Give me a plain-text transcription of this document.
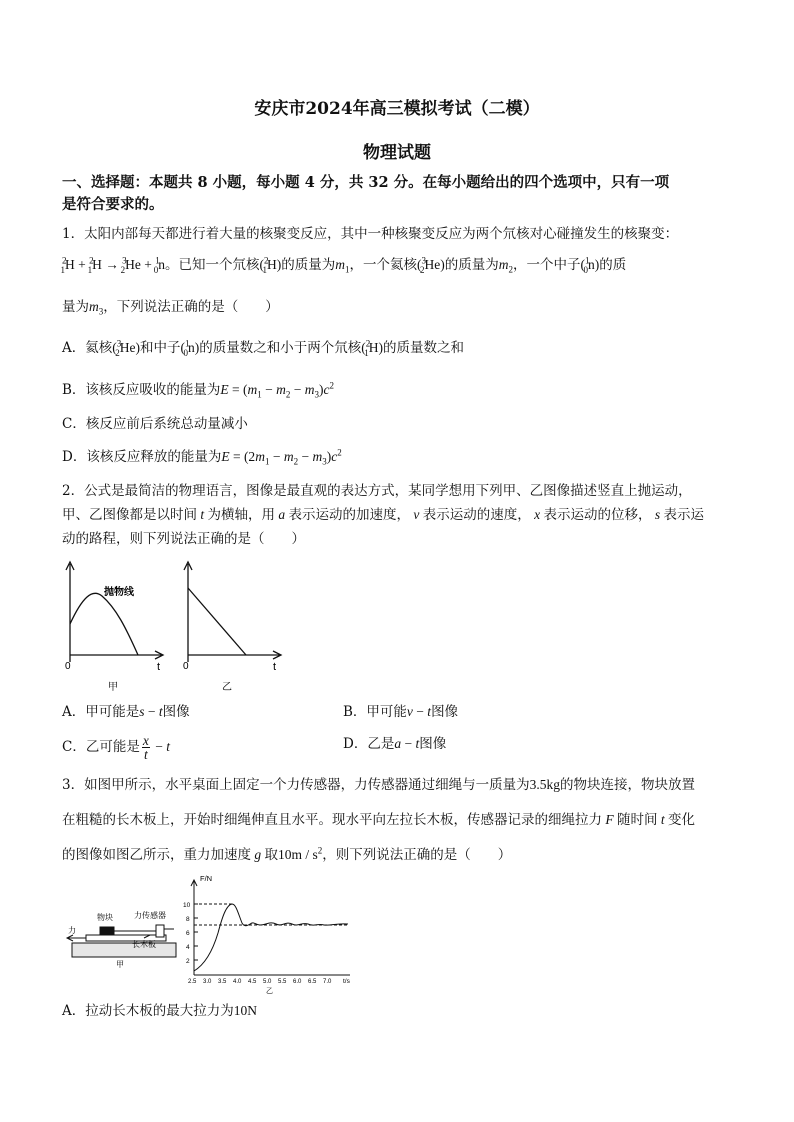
安庆市2024年高三模拟考试（二模）
物理试题
一、选择题：本题共 8 小题，每小题 4 分，共 32 分。在每小题给出的四个选项中，只有一项
是符合要求的。
1．太阳内部每天都进行着大量的核聚变反应，其中一种核聚变反应为两个氘核对心碰撞发生的核聚变：
$^2_1$H + $^2_1$H → $^3_2$He + $^1_0$n。已知一个氘核($^2_1$H)的质量为$m_1$，一个氦核($^3_2$He)的质量为$m_2$，一个中子($^1_0$n)的质
量为$m_3$，下列说法正确的是（　　）
A．氦核($^3_2$He)和中子($^1_0$n)的质量数之和小于两个氘核($^2_1$H)的质量数之和
B．该核反应吸收的能量为$E = (m_1 - m_2 - m_3)c^2$
C．核反应前后系统总动量减小
D．该核反应释放的能量为$E = (2m_1 - m_2 - m_3)c^2$
2．公式是最简洁的物理语言，图像是最直观的表达方式，某同学想用下列甲、乙图像描述竖直上抛运动，
甲、乙图像都是以时间 t 为横轴，用 a 表示运动的加速度， v 表示运动的速度， x 表示运动的位移， s 表示运
动的路程，则下列说法正确的是（　　）
抛物线
0	t
甲
0	t
乙
A．甲可能是s − t图像	B．甲可能v − t图像
C．乙可能是 $\frac{x}{t} - t$	D．乙是a − t图像
3．如图甲所示，水平桌面上固定一个力传感器，力传感器通过细绳与一质量为3.5kg的物块连接，物块放置
在粗糙的长木板上，开始时细绳伸直且水平。现水平向左拉长木板，传感器记录的细绳拉力 F 随时间 t 变化
的图像如图乙所示，重力加速度 g 取$10m / s^2$，则下列说法正确的是（　　）
物块	力传感器
长木板
力
甲
F/N
10
8
6
4
2
2.5 3.0 3.5 4.0 4.5 5.0 5.5 6.0 6.5 7.0 t/s
乙
A．拉动长木板的最大拉力为10N
